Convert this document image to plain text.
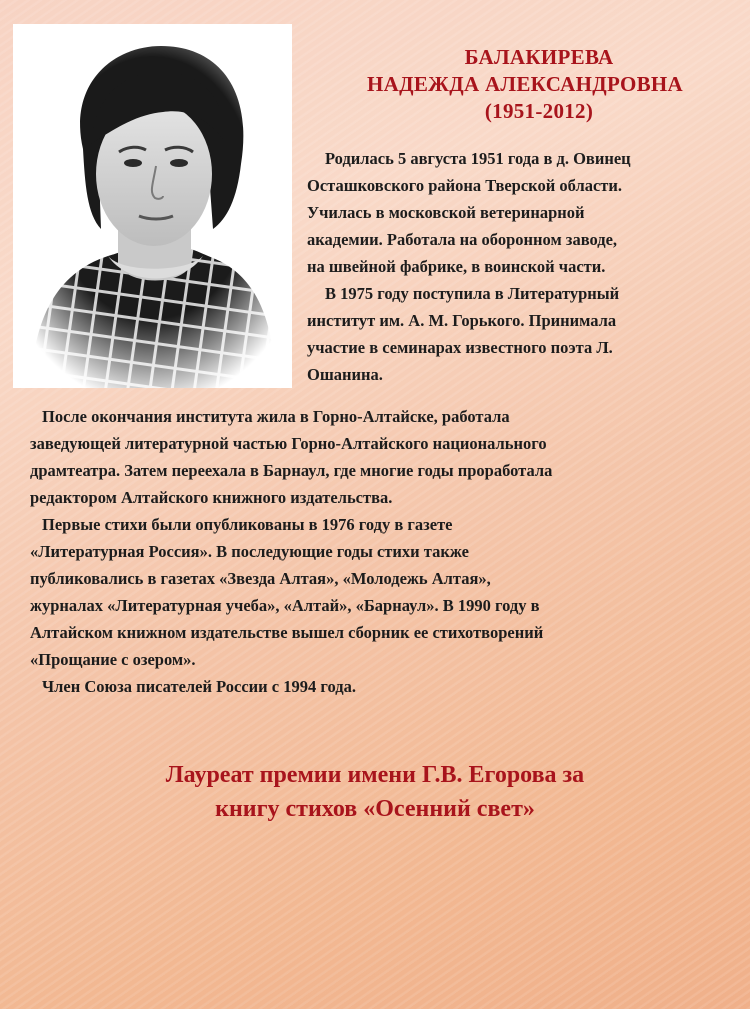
БАЛАКИРЕВА
НАДЕЖДА АЛЕКСАНДРОВНА
(1951-2012)
Родилась 5 августа 1951 года в д. Овинец
Осташковского района Тверской области.
Училась в московской ветеринарной
академии. Работала на оборонном заводе,
на швейной фабрике, в воинской части.
В 1975 году поступила в Литературный
институт им. А. М. Горького. Принимала
участие в семинарах известного поэта Л.
Ошанина.
После окончания института жила в Горно-Алтайске, работала
заведующей литературной частью Горно-Алтайского национального
драмтеатра. Затем переехала в Барнаул, где многие годы проработала
редактором Алтайского книжного издательства.
Первые стихи были опубликованы в 1976 году в газете
«Литературная Россия». В последующие годы стихи также
публиковались в газетах «Звезда Алтая», «Молодежь Алтая»,
журналах «Литературная учеба», «Алтай», «Барнаул». В 1990 году в
Алтайском книжном издательстве вышел сборник ее стихотворений
«Прощание с озером».
Член Союза писателей России с 1994 года.
Лауреат премии имени Г.В. Егорова за
книгу стихов «Осенний свет»
